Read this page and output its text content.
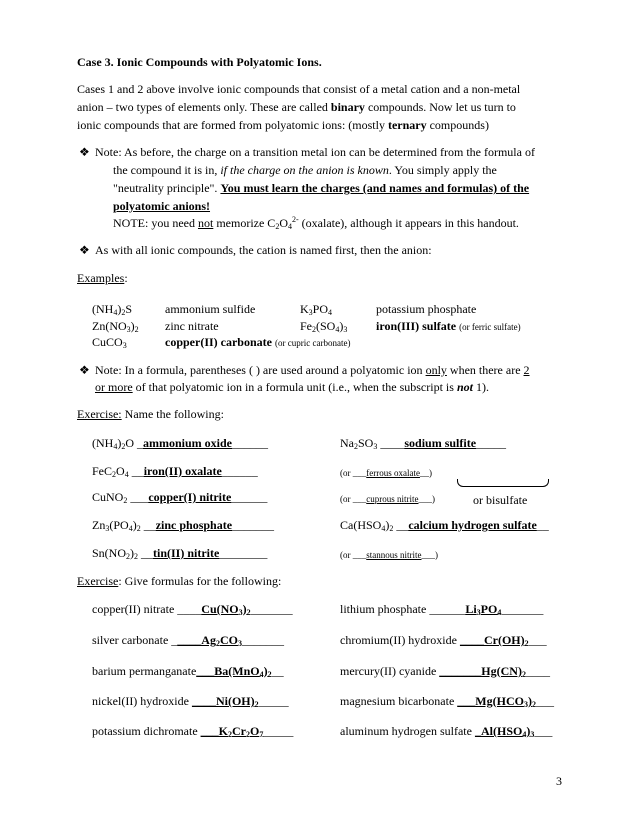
Case 3. Ionic Compounds with Polyatomic Ions.
Cases 1 and 2 above involve ionic compounds that consist of a metal cation and a non-metal
anion – two types of elements only. These are called binary compounds. Now let us turn to
ionic compounds that are formed from polyatomic ions: (mostly ternary compounds)
❖ Note: As before, the charge on a transition metal ion can be determined from the formula of
the compound it is in, if the charge on the anion is known. You simply apply the
"neutrality principle". You must learn the charges (and names and formulas) of the
polyatomic anions!
NOTE: you need not memorize $C_2O_4^{2-}$ (oxalate), although it appears in this handout.
❖ As with all ionic compounds, the cation is named first, then the anion:
Examples:
$(NH_4)_2S$	ammonium sulfide	$K_3PO_4$	potassium phosphate
$Zn(NO_3)_2$ zinc nitrate	$Fe_2(SO_4)_3$ iron(III) sulfate (or ferric sulfate)
CuCO$_3$	copper(II) carbonate (or cupric carbonate)
❖ Note: In a formula, parentheses ( ) are used around a polyatomic ion only when there are 2
or more of that polyatomic ion in a formula unit (i.e., when the subscript is not 1).
Exercise: Name the following:
$(NH_4)_2O$ _ammonium oxide______	$Na_2SO_3$ ____sodium sulfite_____
$FeC_2O_4$ __iron(II) oxalate______	(or ___ferrous oxalate__)
CuNO$_2$ ___copper(I) nitrite______	(or ___cuprous nitrite___)	or bisulfate
$Zn_3(PO_4)_2$ __zinc phosphate_______	$Ca(HSO_4)_2$ __calcium hydrogen sulfate__
$Sn(NO_2)_2$ __tin(II) nitrite________	(or ___stannous nitrite___)
Exercise: Give formulas for the following:
copper(II) nitrate $\_\_\_\_Cu(NO_3)_2\_\_\_\_\_\_\_$	lithium phosphate $\_\_\_\_\_\_Li_3PO_4\_\_\_\_\_\_\_$
silver carbonate $\_\_\_\_\_Ag_2CO_3\_\_\_\_\_\_\_$	chromium(II) hydroxide $\_\_\_\_Cr(OH)_2\_\_\_$
barium $permanganate\_\_\_Ba(MnO_4)_2\_\_$	mercury(II) cyanide $\_\_\_\_\_\_\_Hg(CN)_2\_\_\_\_$
nickel(II) hydroxide $\_\_\_\_Ni(OH)_2\_\_\_\_\_$	magnesium bicarbonate $\_\_\_Mg(HCO_3)_2\_\_\_$
potassium dichromate $\_\_\_K_2Cr_2O_7\_\_\_\_\_$	aluminum hydrogen sulfate $\_Al(HSO_4)_3\_\_\_$
3
